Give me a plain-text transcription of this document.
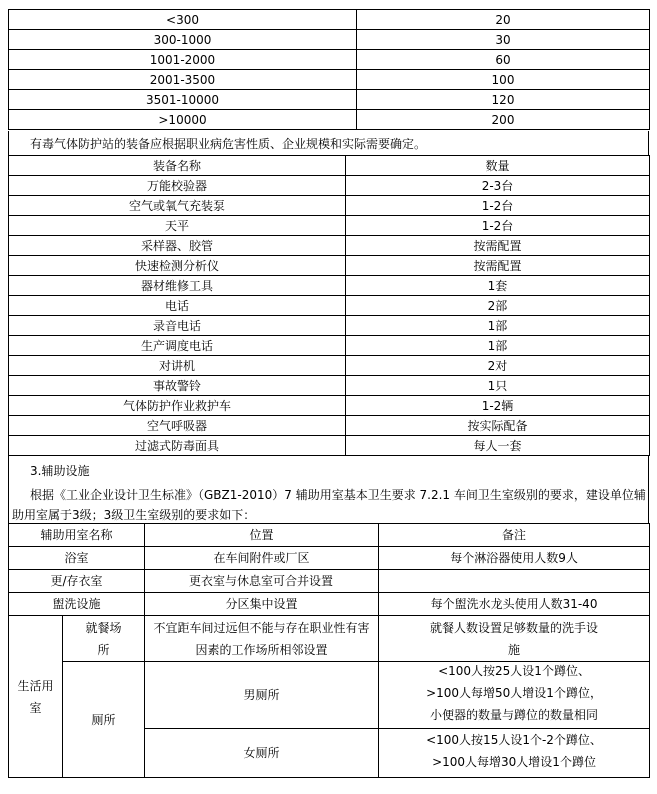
<300	20
300-1000	30
1001-2000	60
2001-3500	100
3501-10000	120
>10000	200
有毒气体防护站的装备应根据职业病危害性质、企业规模和实际需要确定。
装备名称	数量
万能校验器	2-3台
空气或氧气充装泵	1-2台
天平	1-2台
采样器、胶管	按需配置
快速检测分析仪	按需配置
器材维修工具	1套
电话	2部
录音电话	1部
生产调度电话	1部
对讲机	2对
事故警铃	1只
气体防护作业救护车	1-2辆
空气呼吸器	按实际配备
过滤式防毒面具	每人一套
3.辅助设施
根据《工业企业设计卫生标准》（GBZ1-2010）7 辅助用室基本卫生要求 7.2.1 车间卫生室级别的要求，建设单位辅
助用室属于3级；3级卫生室级别的要求如下：
辅助用室名称		位置	备注
浴室		在车间附件或厂区	每个淋浴器使用人数9人
更/存衣室		更衣室与休息室可合并设置	
盥洗设施		分区集中设置	每个盥洗水龙头使用人数31-40
生活用室	就餐场所	不宜距车间过远但不能与存在职业性有害因素的工作场所相邻设置	就餐人数设置足够数量的洗手设施
	厕所	男厕所	<100人按25人设1个蹲位、
>100人每增50人增设1个蹲位，
小便器的数量与蹲位的数量相同

		女厕所	<100人按15人设1个-2个蹲位、
>100人每增30人增设1个蹲位
